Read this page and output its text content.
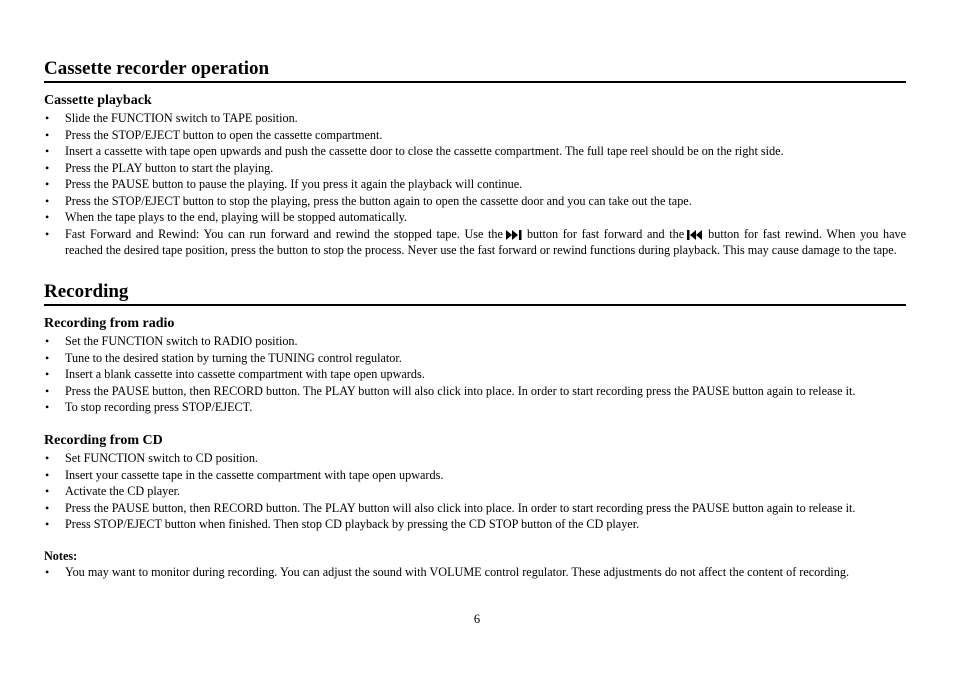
Cassette recorder operation
Cassette playback
• Slide the FUNCTION switch to TAPE position.
• Press the STOP/EJECT button to open the cassette compartment.
• Insert a cassette with tape open upwards and push the cassette door to close the cassette compartment. The full tape reel should be on the right side.
• Press the PLAY button to start the playing.
• Press the PAUSE button to pause the playing. If you press it again the playback will continue.
• Press the STOP/EJECT button to stop the playing, press the button again to open the cassette door and you can take out the tape.
• When the tape plays to the end, playing will be stopped automatically.
• Fast Forward and Rewind: You can run forward and rewind the stopped tape. Use the button for fast forward and the button for fast rewind. When you have reached the desired tape position, press the button to stop the process. Never use the fast forward or rewind functions during playback. This may cause damage to the tape.
Recording
Recording from radio
• Set the FUNCTION switch to RADIO position.
• Tune to the desired station by turning the TUNING control regulator.
• Insert a blank cassette into cassette compartment with tape open upwards.
• Press the PAUSE button, then RECORD button. The PLAY button will also click into place. In order to start recording press the PAUSE button again to release it.
• To stop recording press STOP/EJECT.
Recording from CD
• Set FUNCTION switch to CD position.
• Insert your cassette tape in the cassette compartment with tape open upwards.
• Activate the CD player.
• Press the PAUSE button, then RECORD button. The PLAY button will also click into place. In order to start recording press the PAUSE button again to release it.
• Press STOP/EJECT button when finished. Then stop CD playback by pressing the CD STOP button of the CD player.
Notes:
• You may want to monitor during recording. You can adjust the sound with VOLUME control regulator. These adjustments do not affect the content of recording.
6
